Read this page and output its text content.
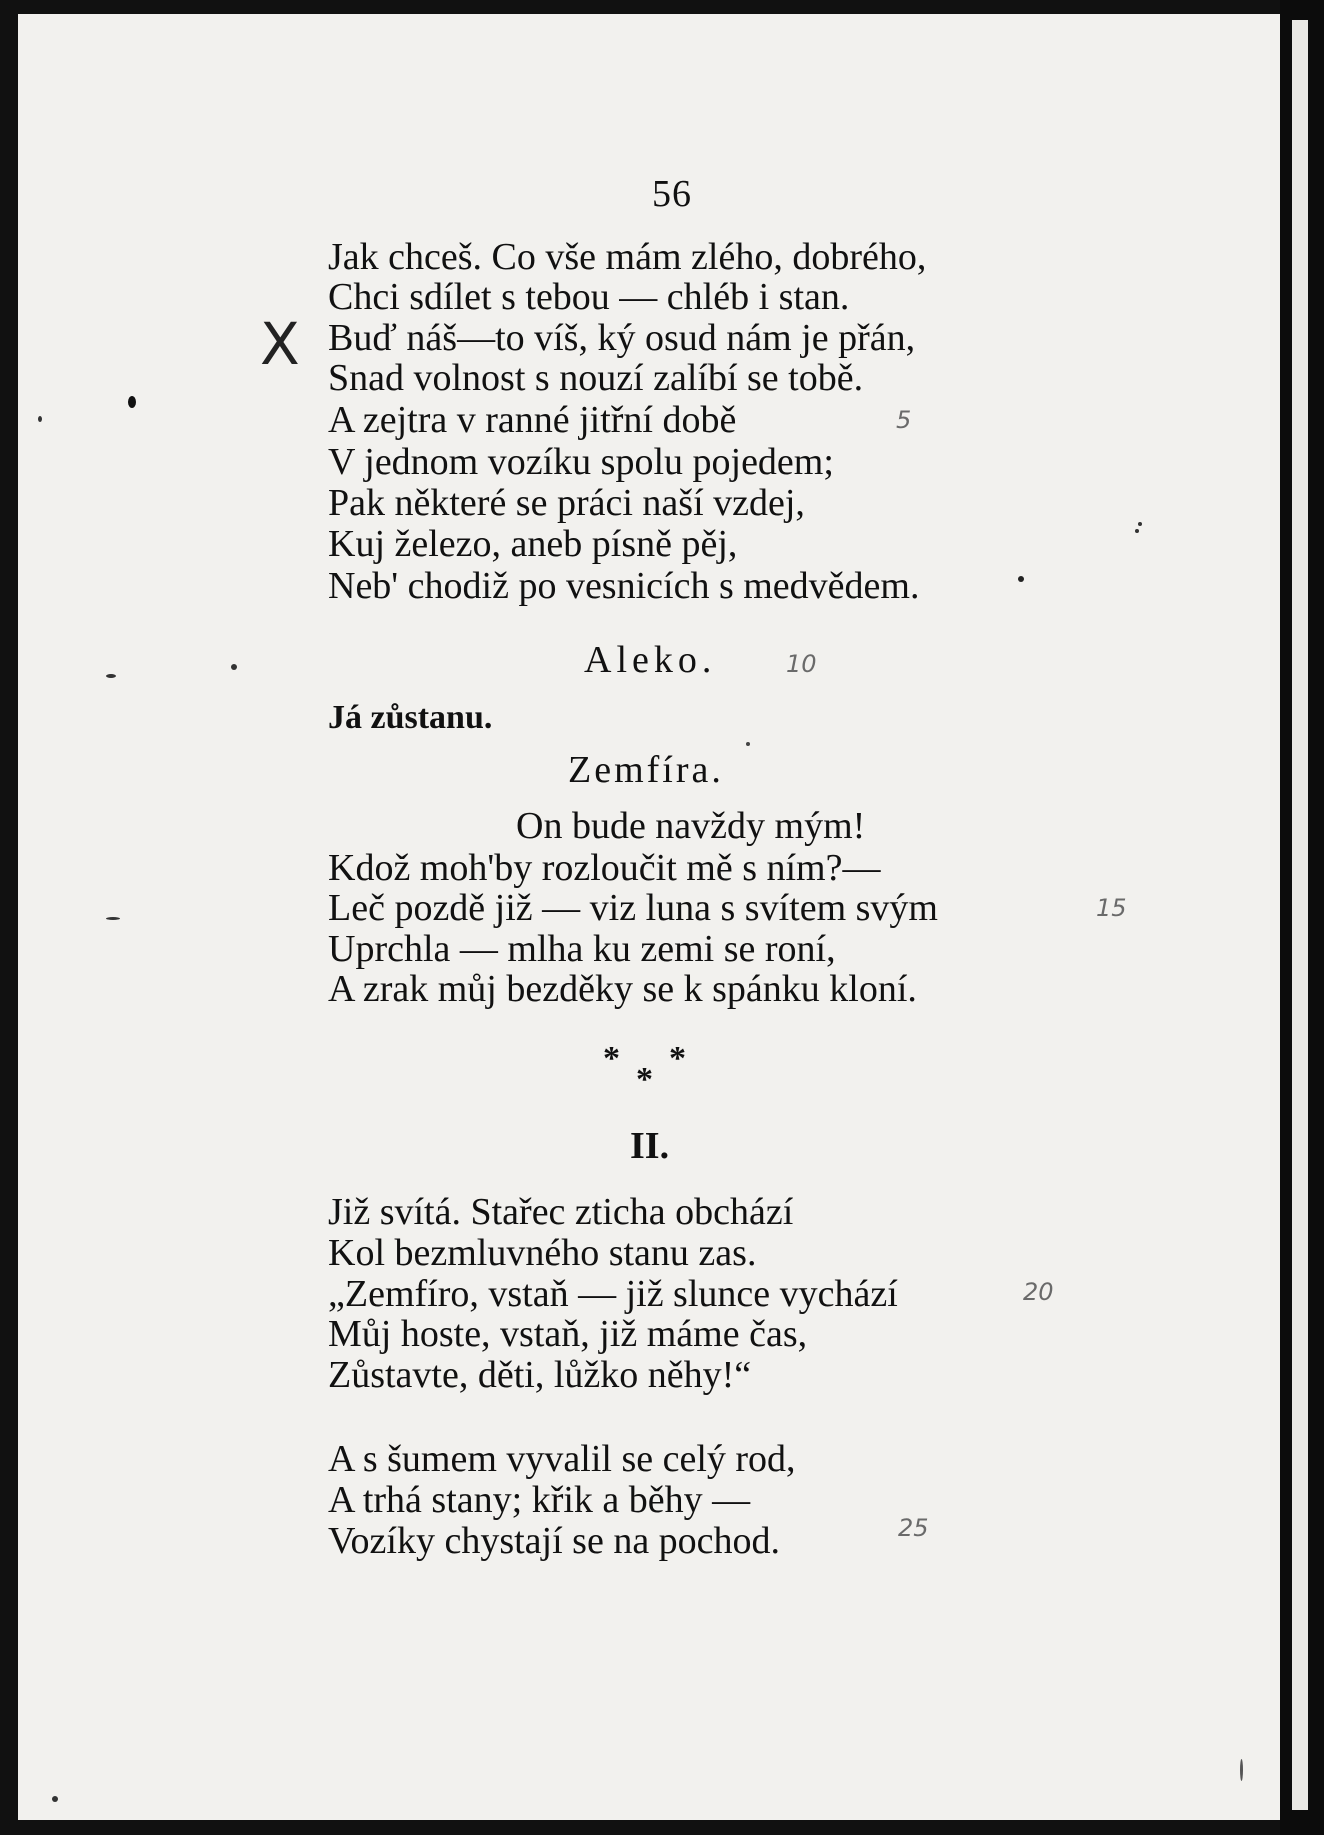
56
Jak chceš. Co vše mám zlého, dobrého,
Chci sdílet s tebou — chléb i stan.
Buď náš—to víš, ký osud nám je přán,
Snad volnost s nouzí zalíbí se tobě.
A zejtra v ranné jitřní době
V jednom vozíku spolu pojedem;
Pak některé se práci naší vzdej,
Kuj železo, aneb písně pěj,
Neb' chodiž po vesnicích s medvědem.
Aleko.
Já zůstanu.
Zemfíra.
On bude navždy mým!
Kdož moh'by rozloučit mě s ním?—
Leč pozdě již — viz luna s svítem svým
Uprchla — mlha ku zemi se roní,
A zrak můj bezděky se k spánku kloní.
*
*
*
II.
Již svítá. Stařec zticha obchází
Kol bezmluvného stanu zas.
„Zemfíro, vstaň — již slunce vychází
Můj hoste, vstaň, již máme čas,
Zůstavte, děti, lůžko něhy!“
A s šumem vyvalil se celý rod,
A trhá stany; křik a běhy —
Vozíky chystají se na pochod.
X
5
10
15
20
25
